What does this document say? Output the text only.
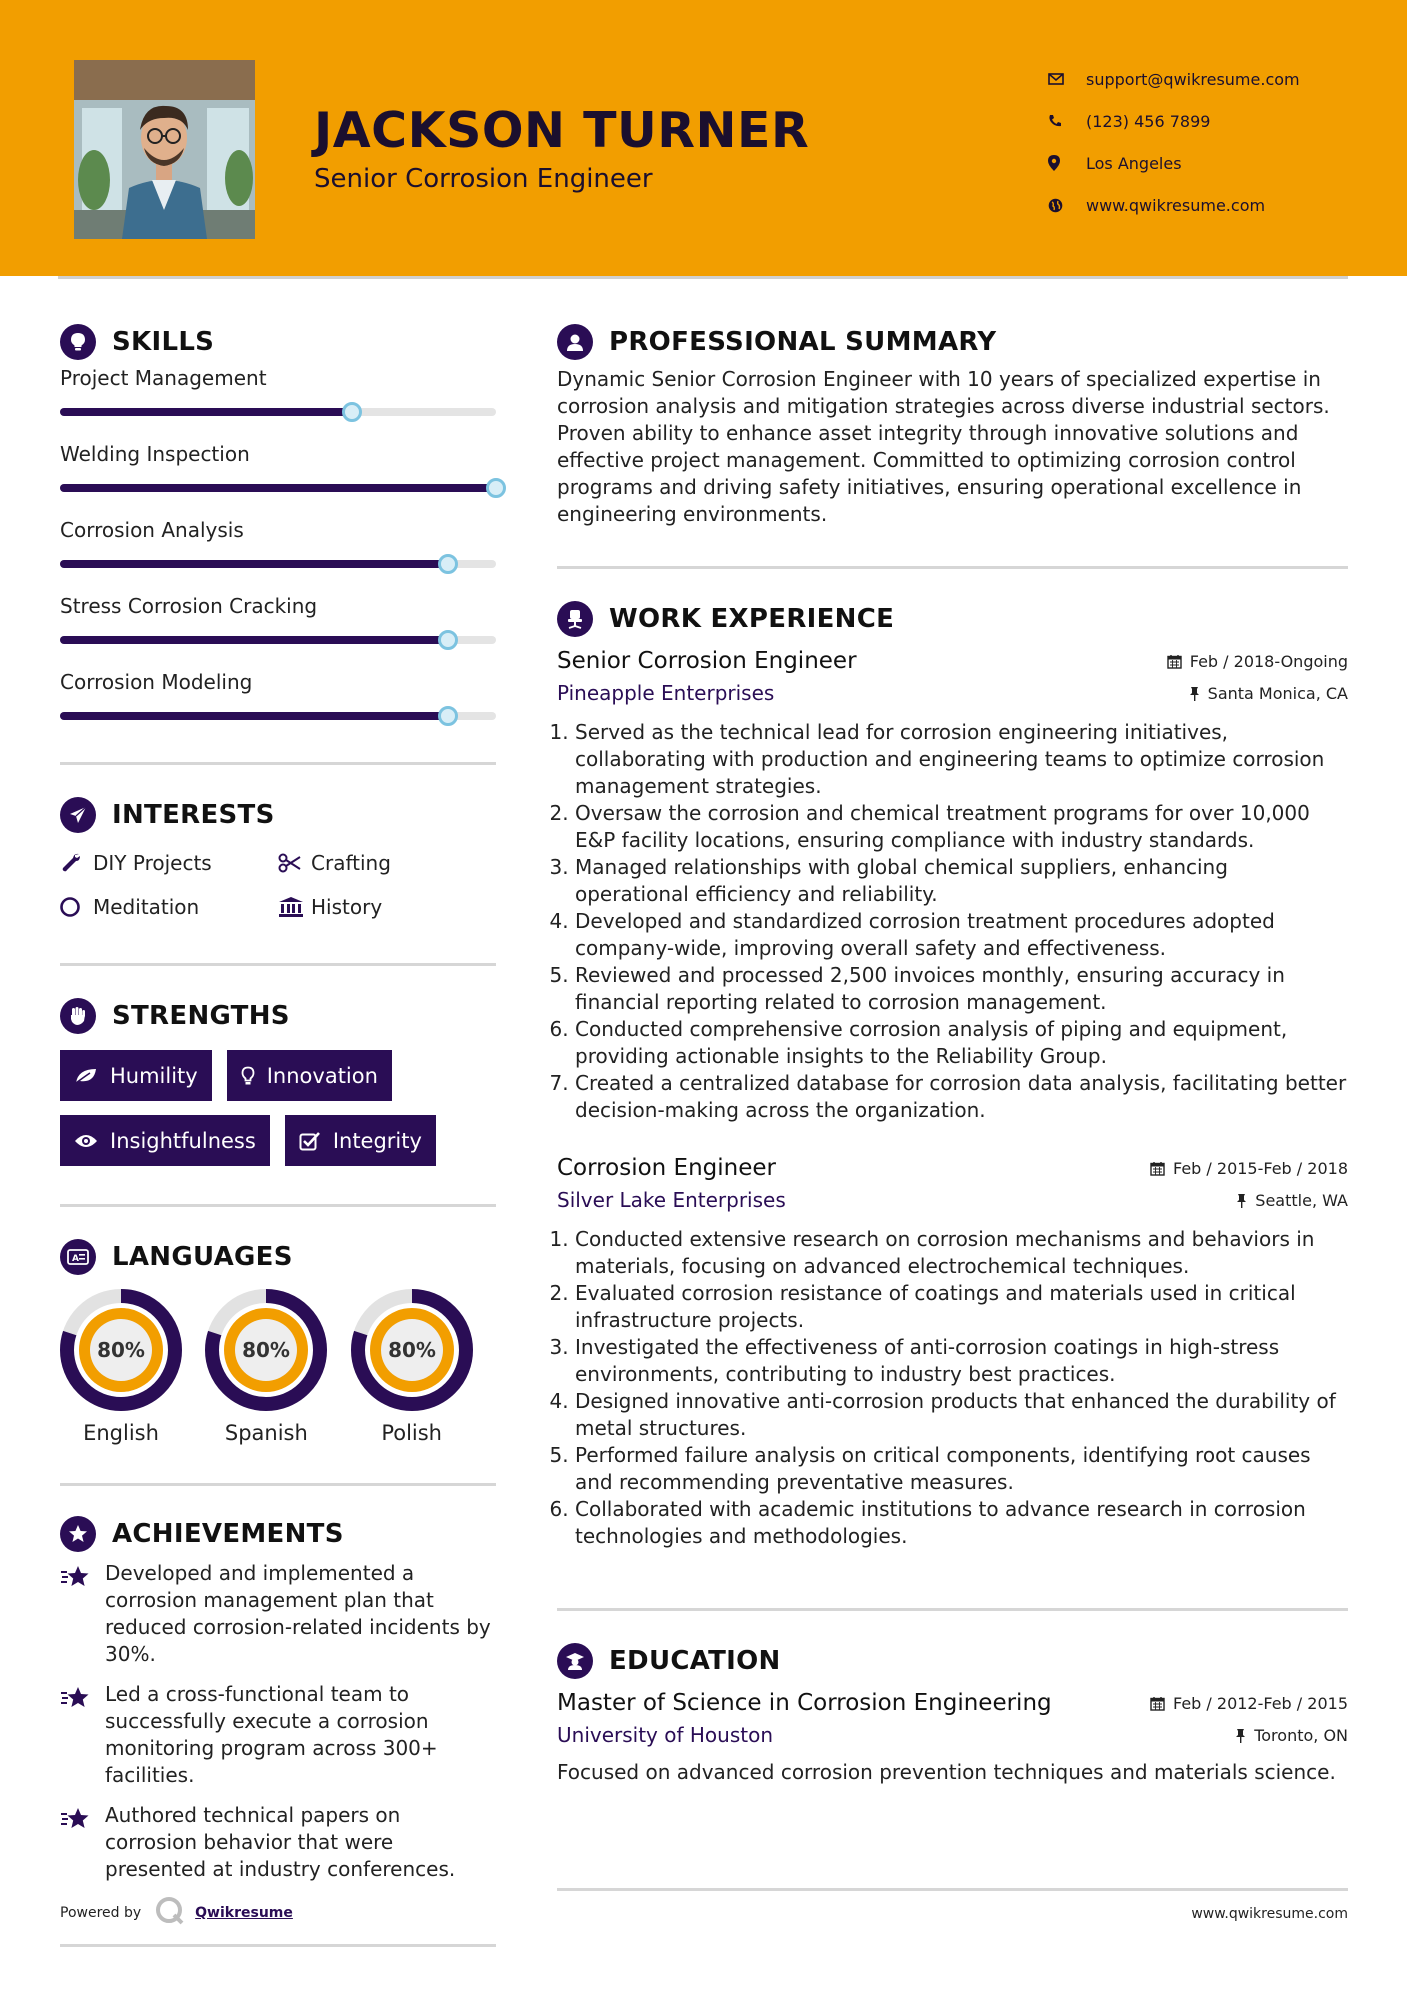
JACKSON TURNER
Senior Corrosion Engineer
support@qwikresume.com
(123) 456 7899
Los Angeles
www.qwikresume.com
SKILLS
Project Management
Welding Inspection
Corrosion Analysis
Stress Corrosion Cracking
Corrosion Modeling
INTERESTS
DIY Projects	Crafting
Meditation	History
STRENGTHS
Humility	Innovation
Insightfulness	Integrity
A LANGUAGES
80%
English
80%
Spanish
80%
Polish
ACHIEVEMENTS
Developed and implemented a corrosion management plan that reduced corrosion-related incidents by 30%.
Led a cross-functional team to successfully execute a corrosion monitoring program across 300+ facilities.
Authored technical papers on corrosion behavior that were presented at industry conferences.
Powered by	Qwikresume
PROFESSIONAL SUMMARY

Dynamic Senior Corrosion Engineer with 10 years of specialized expertise in corrosion analysis and mitigation strategies across diverse industrial sectors. Proven ability to enhance asset integrity through innovative solutions and effective project management. Committed to optimizing corrosion control programs and driving safety initiatives, ensuring operational excellence in engineering environments.

WORK EXPERIENCE
Senior Corrosion Engineer	Feb / 2018-Ongoing
Pineapple Enterprises	Santa Monica, CA
1. Served as the technical lead for corrosion engineering initiatives, collaborating with production and engineering teams to optimize corrosion management strategies.
2. Oversaw the corrosion and chemical treatment programs for over 10,000 E&P facility locations, ensuring compliance with industry standards.
3. Managed relationships with global chemical suppliers, enhancing operational efficiency and reliability.
4. Developed and standardized corrosion treatment procedures adopted company-wide, improving overall safety and effectiveness.
5. Reviewed and processed 2,500 invoices monthly, ensuring accuracy in financial reporting related to corrosion management.
6. Conducted comprehensive corrosion analysis of piping and equipment, providing actionable insights to the Reliability Group.
7. Created a centralized database for corrosion data analysis, facilitating better decision-making across the organization.
Corrosion Engineer	Feb / 2015-Feb / 2018
Silver Lake Enterprises	Seattle, WA
1. Conducted extensive research on corrosion mechanisms and behaviors in materials, focusing on advanced electrochemical techniques.
2. Evaluated corrosion resistance of coatings and materials used in critical infrastructure projects.
3. Investigated the effectiveness of anti-corrosion coatings in high-stress environments, contributing to industry best practices.
4. Designed innovative anti-corrosion products that enhanced the durability of metal structures.
5. Performed failure analysis on critical components, identifying root causes and recommending preventative measures.
6. Collaborated with academic institutions to advance research in corrosion technologies and methodologies.
EDUCATION
Master of Science in Corrosion Engineering	Feb / 2012-Feb / 2015
University of Houston	Toronto, ON

Focused on advanced corrosion prevention techniques and materials science.

www.qwikresume.com
